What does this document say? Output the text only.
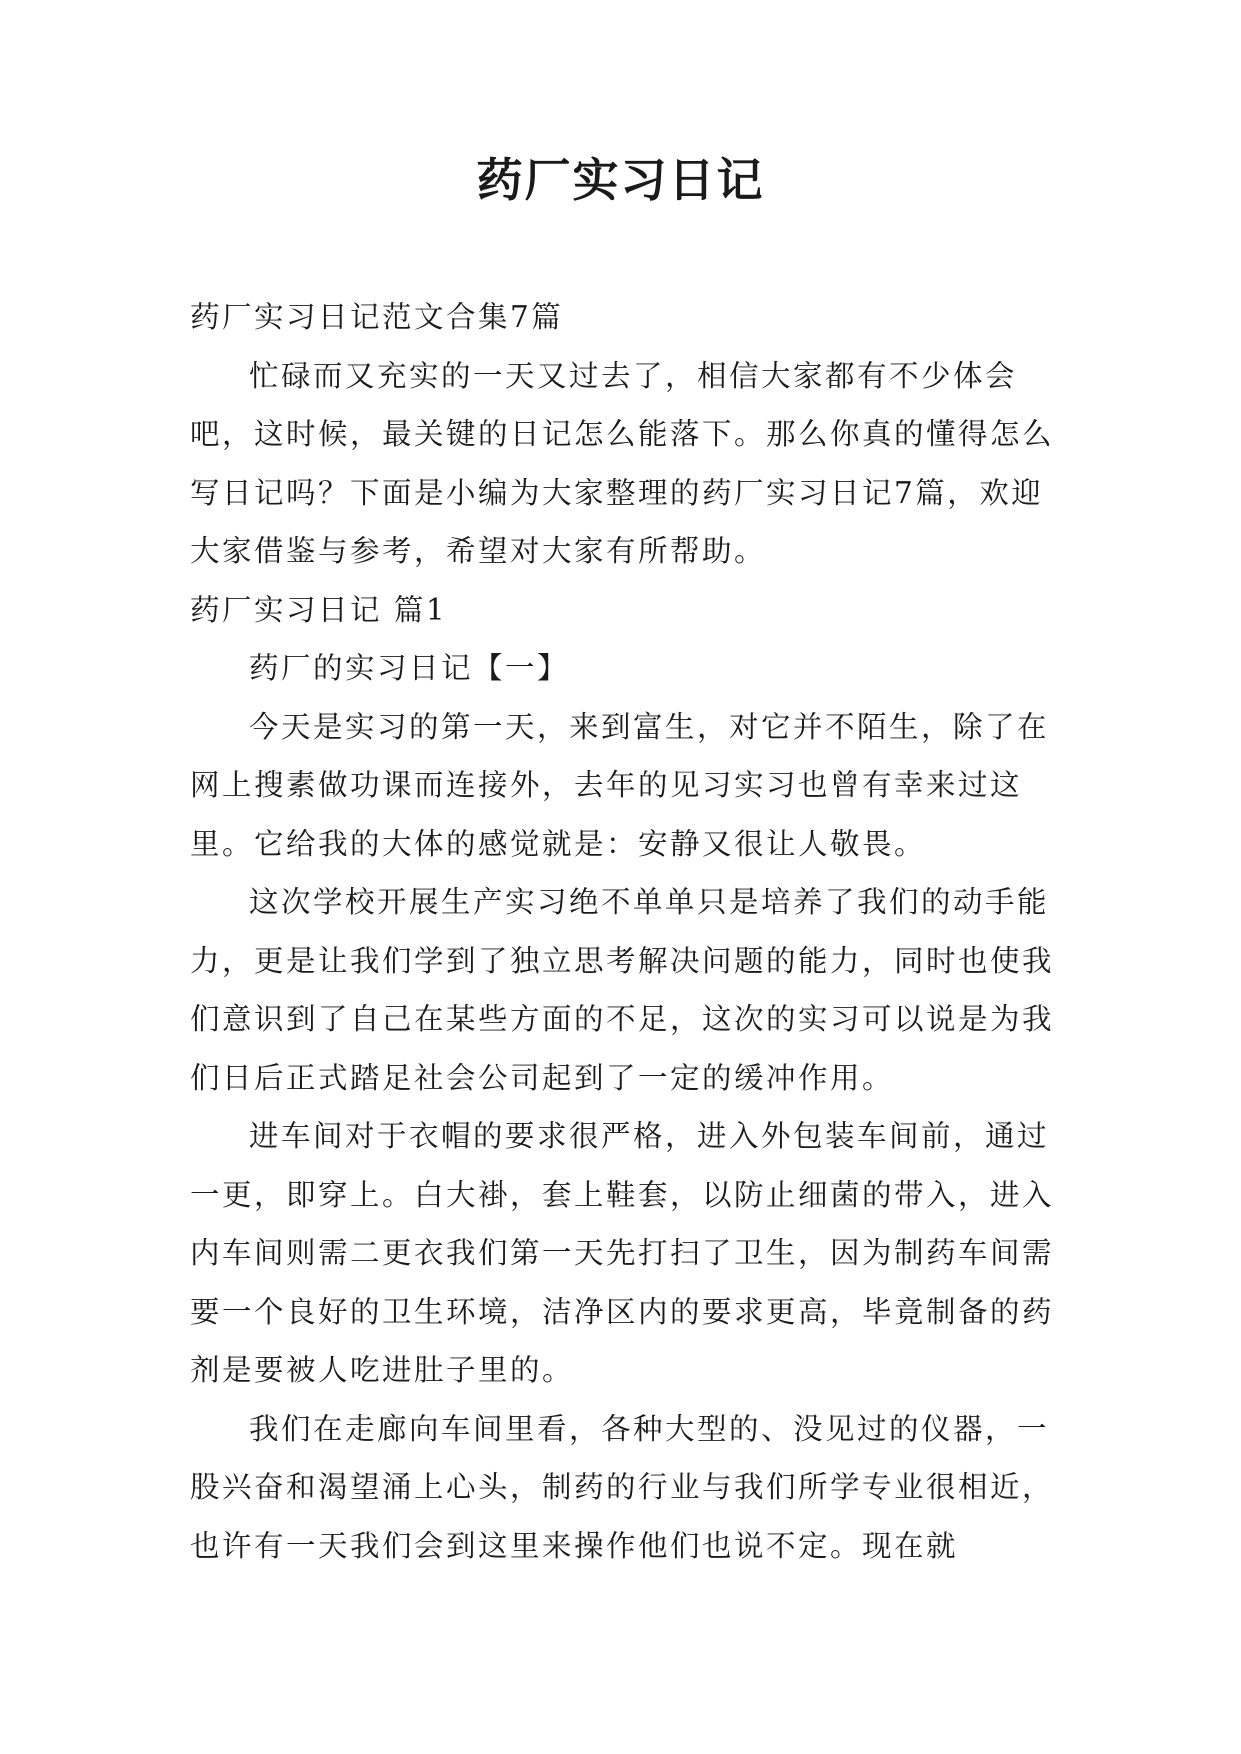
药厂实习日记

药厂实习日记范文合集7篇

忙碌而又充实的一天又过去了，相信大家都有不少体会吧，这时候，最关键的日记怎么能落下。那么你真的懂得怎么写日记吗？下面是小编为大家整理的药厂实习日记7篇，欢迎大家借鉴与参考，希望对大家有所帮助。

药厂实习日记 篇1

药厂的实习日记【一】

今天是实习的第一天，来到富生，对它并不陌生，除了在网上搜素做功课而连接外，去年的见习实习也曾有幸来过这里。它给我的大体的感觉就是：安静又很让人敬畏。

这次学校开展生产实习绝不单单只是培养了我们的动手能力，更是让我们学到了独立思考解决问题的能力，同时也使我们意识到了自己在某些方面的不足，这次的实习可以说是为我们日后正式踏足社会公司起到了一定的缓冲作用。

进车间对于衣帽的要求很严格，进入外包装车间前，通过一更，即穿上。白大褂，套上鞋套，以防止细菌的带入，进入内车间则需二更衣我们第一天先打扫了卫生，因为制药车间需要一个良好的卫生环境，洁净区内的要求更高，毕竟制备的药剂是要被人吃进肚子里的。

我们在走廊向车间里看，各种大型的、没见过的仪器，一股兴奋和渴望涌上心头，制药的行业与我们所学专业很相近，也许有一天我们会到这里来操作他们也说不定。现在就
